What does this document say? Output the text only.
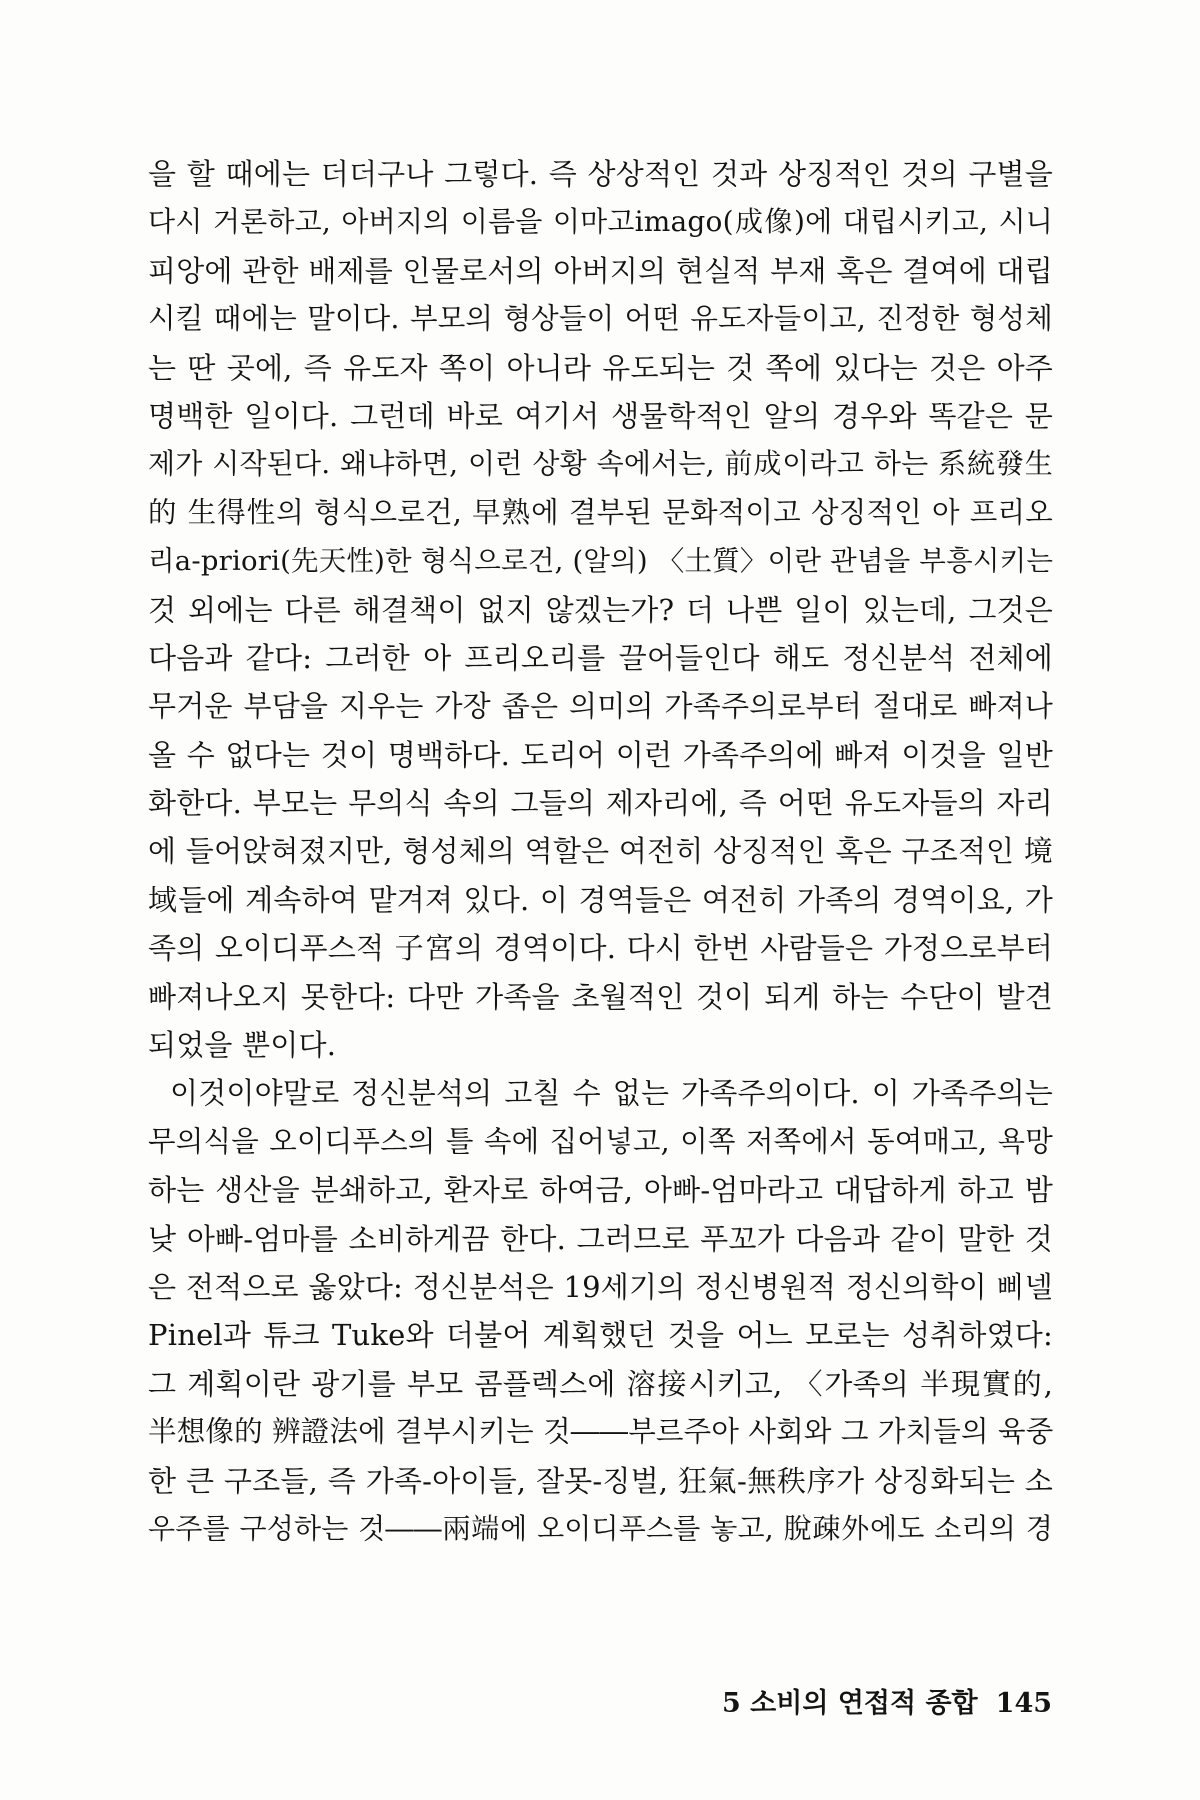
을 할 때에는 더더구나 그렇다. 즉 상상적인 것과 상징적인 것의 구별을
다시 거론하고, 아버지의 이름을 이마고imago(成像)에 대립시키고, 시니
피앙에 관한 배제를 인물로서의 아버지의 현실적 부재 혹은 결여에 대립
시킬 때에는 말이다. 부모의 형상들이 어떤 유도자들이고, 진정한 형성체
는 딴 곳에, 즉 유도자 쪽이 아니라 유도되는 것 쪽에 있다는 것은 아주
명백한 일이다. 그런데 바로 여기서 생물학적인 알의 경우와 똑같은 문
제가 시작된다. 왜냐하면, 이런 상황 속에서는, 前成이라고 하는 系統發生
的 生得性의 형식으로건, 早熟에 결부된 문화적이고 상징적인 아 프리오
리a-priori(先天性)한 형식으로건, (알의) 〈土質〉이란 관념을 부흥시키는
것 외에는 다른 해결책이 없지 않겠는가? 더 나쁜 일이 있는데, 그것은
다음과 같다: 그러한 아 프리오리를 끌어들인다 해도 정신분석 전체에
무거운 부담을 지우는 가장 좁은 의미의 가족주의로부터 절대로 빠져나
올 수 없다는 것이 명백하다. 도리어 이런 가족주의에 빠져 이것을 일반
화한다. 부모는 무의식 속의 그들의 제자리에, 즉 어떤 유도자들의 자리
에 들어앉혀졌지만, 형성체의 역할은 여전히 상징적인 혹은 구조적인 境
域들에 계속하여 맡겨져 있다. 이 경역들은 여전히 가족의 경역이요, 가
족의 오이디푸스적 子宮의 경역이다. 다시 한번 사람들은 가정으로부터
빠져나오지 못한다: 다만 가족을 초월적인 것이 되게 하는 수단이 발견
되었을 뿐이다.
이것이야말로 정신분석의 고칠 수 없는 가족주의이다. 이 가족주의는
무의식을 오이디푸스의 틀 속에 집어넣고, 이쪽 저쪽에서 동여매고, 욕망
하는 생산을 분쇄하고, 환자로 하여금, 아빠-엄마라고 대답하게 하고 밤
낮 아빠-엄마를 소비하게끔 한다. 그러므로 푸꼬가 다음과 같이 말한 것
은 전적으로 옳았다: 정신분석은 19세기의 정신병원적 정신의학이 삐넬
Pinel과 튜크 Tuke와 더불어 계획했던 것을 어느 모로는 성취하였다:
그 계획이란 광기를 부모 콤플렉스에 溶接시키고, 〈가족의 半現實的,
半想像的 辨證法에 결부시키는 것――부르주아 사회와 그 가치들의 육중
한 큰 구조들, 즉 가족-아이들, 잘못-징벌, 狂氣-無秩序가 상징화되는 소
우주를 구성하는 것――兩端에 오이디푸스를 놓고, 脫疎外에도 소리의 경
5 소비의 연접적 종합 145
